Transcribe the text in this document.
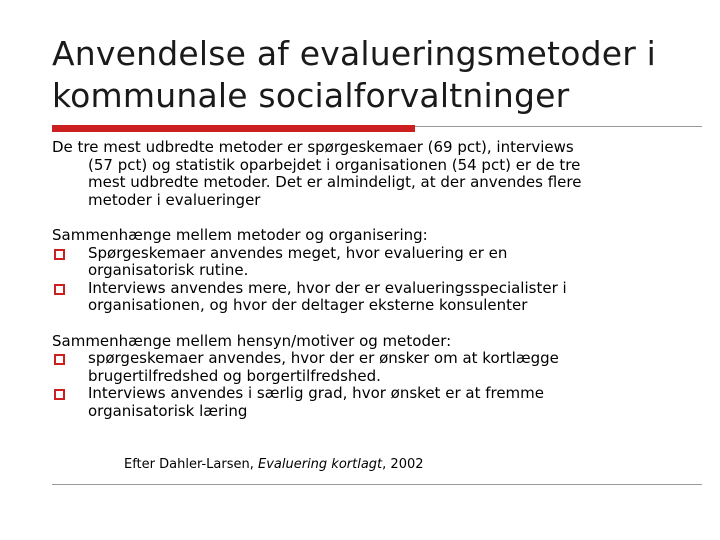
Anvendelse af evalueringsmetoder i
kommunale socialforvaltninger
De tre mest udbredte metoder er spørgeskemaer (69 pct), interviews
(57 pct) og statistik oparbejdet i organisationen (54 pct) er de tre
mest udbredte metoder. Det er almindeligt, at der anvendes flere
metoder i evalueringer
Sammenhænge mellem metoder og organisering:
Spørgeskemaer anvendes meget, hvor evaluering er en
organisatorisk rutine.
Interviews anvendes mere, hvor der er evalueringsspecialister i
organisationen, og hvor der deltager eksterne konsulenter
Sammenhænge mellem hensyn/motiver og metoder:
spørgeskemaer anvendes, hvor der er ønsker om at kortlægge
brugertilfredshed og borgertilfredshed.
Interviews anvendes i særlig grad, hvor ønsket er at fremme
organisatorisk læring
Efter Dahler-Larsen, Evaluering kortlagt, 2002
